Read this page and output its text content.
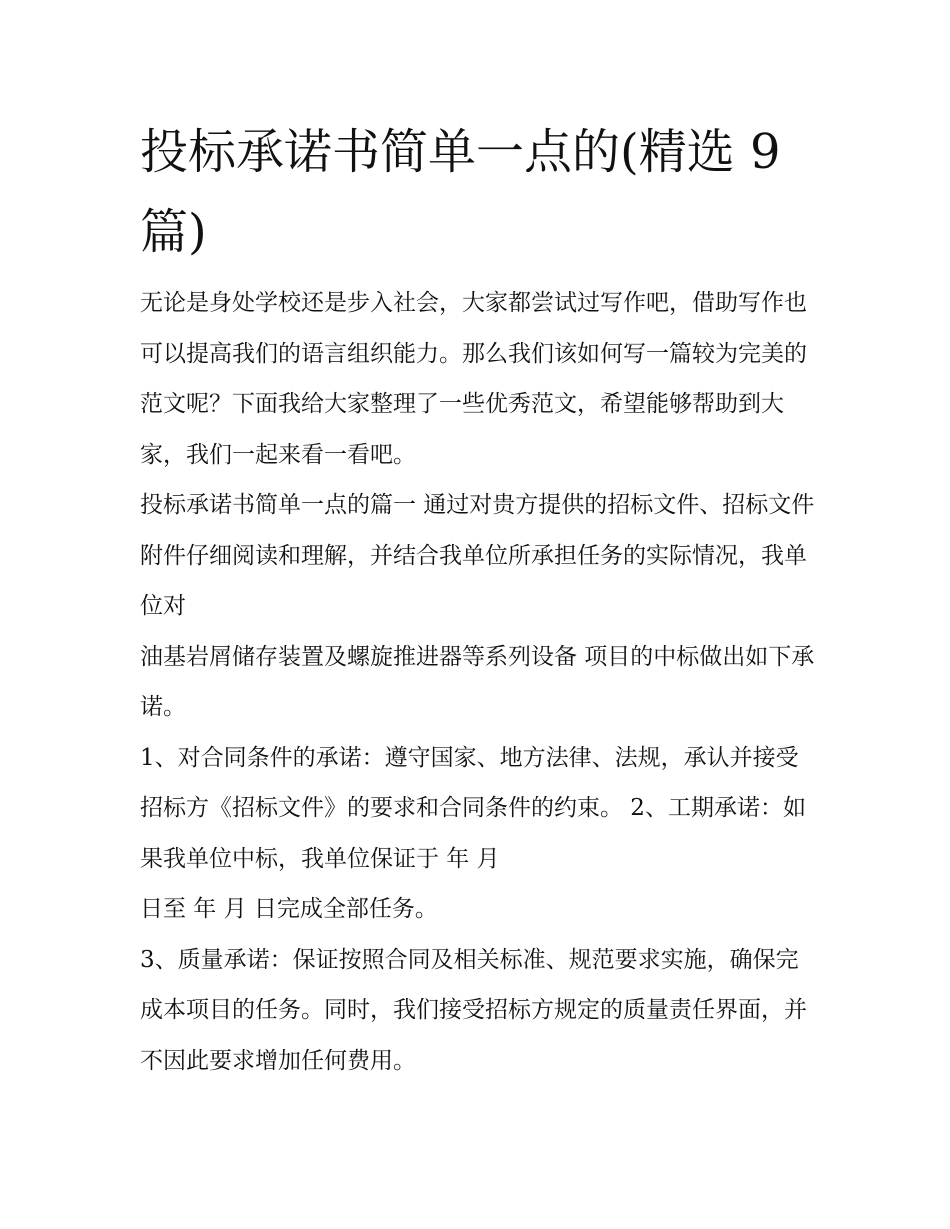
投标承诺书简单一点的(精选 9 篇)

无论是身处学校还是步入社会，大家都尝试过写作吧，借助写作也可以提高我们的语言组织能力。那么我们该如何写一篇较为完美的范文呢？下面我给大家整理了一些优秀范文，希望能够帮助到大家，我们一起来看一看吧。

投标承诺书简单一点的篇一 通过对贵方提供的招标文件、招标文件附件仔细阅读和理解，并结合我单位所承担任务的实际情况，我单位对

油基岩屑储存装置及螺旋推进器等系列设备 项目的中标做出如下承诺。

1、对合同条件的承诺：遵守国家、地方法律、法规，承认并接受招标方《招标文件》的要求和合同条件的约束。 2、工期承诺：如果我单位中标，我单位保证于 年 月

日至 年 月 日完成全部任务。

3、质量承诺：保证按照合同及相关标准、规范要求实施，确保完成本项目的任务。同时，我们接受招标方规定的质量责任界面，并不因此要求增加任何费用。
